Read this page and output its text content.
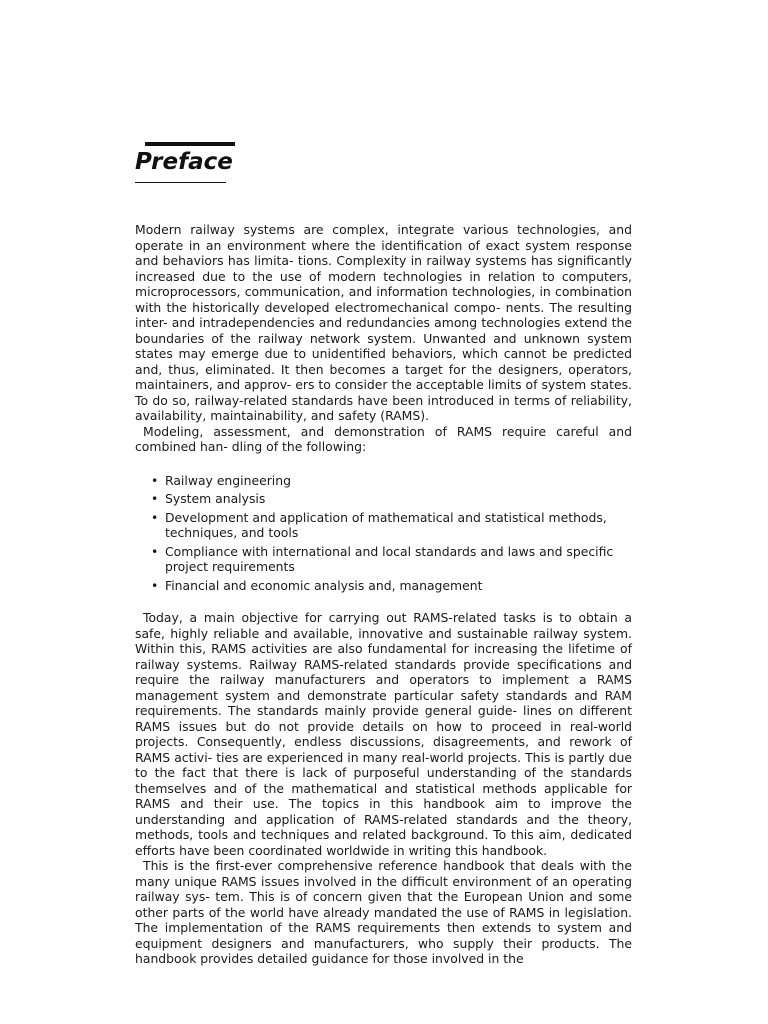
Preface

Modern railway systems are complex, integrate various technologies, and operate in an environment where the identification of exact system response and behaviors has limita- tions. Complexity in railway systems has significantly increased due to the use of modern technologies in relation to computers, microprocessors, communication, and information technologies, in combination with the historically developed electromechanical compo- nents. The resulting inter- and intradependencies and redundancies among technologies extend the boundaries of the railway network system. Unwanted and unknown system states may emerge due to unidentified behaviors, which cannot be predicted and, thus, eliminated. It then becomes a target for the designers, operators, maintainers, and approv- ers to consider the acceptable limits of system states. To do so, railway-related standards have been introduced in terms of reliability, availability, maintainability, and safety (RAMS).

Modeling, assessment, and demonstration of RAMS require careful and combined han- dling of the following:

• Railway engineering
• System analysis
• Development and application of mathematical and statistical methods, techniques, and tools
• Compliance with international and local standards and laws and specific project requirements
• Financial and economic analysis and, management

Today, a main objective for carrying out RAMS-related tasks is to obtain a safe, highly reliable and available, innovative and sustainable railway system. Within this, RAMS activities are also fundamental for increasing the lifetime of railway systems. Railway RAMS-related standards provide specifications and require the railway manufacturers and operators to implement a RAMS management system and demonstrate particular safety standards and RAM requirements. The standards mainly provide general guide- lines on different RAMS issues but do not provide details on how to proceed in real-world projects. Consequently, endless discussions, disagreements, and rework of RAMS activi- ties are experienced in many real-world projects. This is partly due to the fact that there is lack of purposeful understanding of the standards themselves and of the mathematical and statistical methods applicable for RAMS and their use. The topics in this handbook aim to improve the understanding and application of RAMS-related standards and the theory, methods, tools and techniques and related background. To this aim, dedicated efforts have been coordinated worldwide in writing this handbook.

This is the first-ever comprehensive reference handbook that deals with the many unique RAMS issues involved in the difficult environment of an operating railway sys- tem. This is of concern given that the European Union and some other parts of the world have already mandated the use of RAMS in legislation. The implementation of the RAMS requirements then extends to system and equipment designers and manufacturers, who supply their products. The handbook provides detailed guidance for those involved in the
